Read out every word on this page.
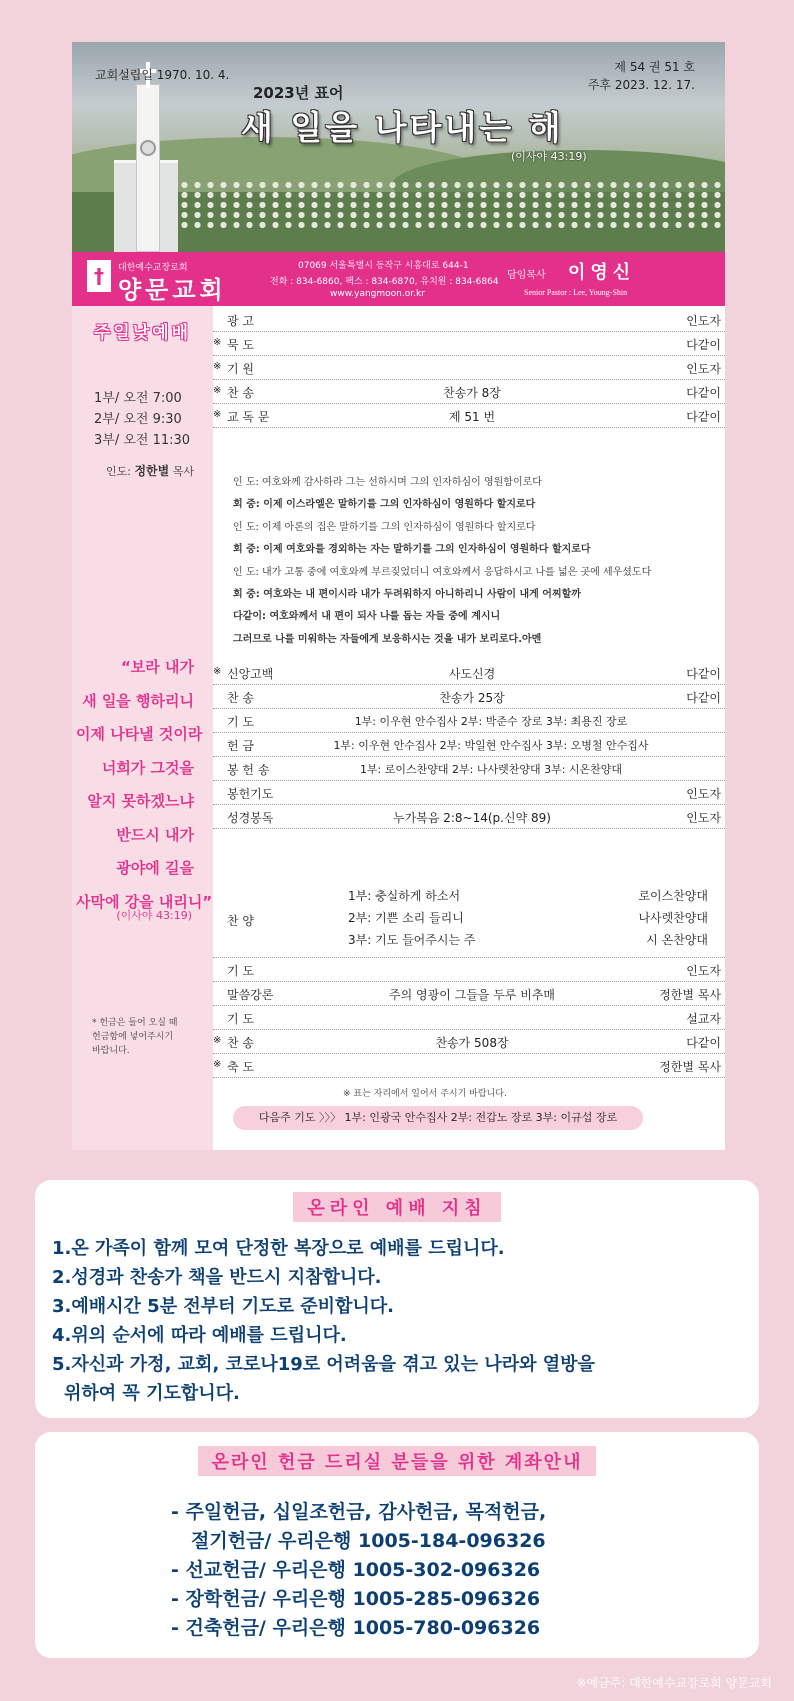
교회설립일 1970. 10. 4.
제 54 권 51 호
주후 2023. 12. 17.
2023년 표어
새 일을 나타내는 해
(이사야 43:19)
†	대한예수교장로회
양문교회
07069 서울특별시 동작구 시흥대로 644-1
전화 : 834-6860, 팩스 : 834-6870, 유치원 : 834-6864
www.yangmoon.or.kr
담임목사 이영신
Senior Pastor : Lee, Young-Shin
주일낮예배
1부/ 오전 7:00
2부/ 오전 9:30
3부/ 오전 11:30
인도: 정한별 목사
“보라 내가
새 일을 행하리니
이제 나타낼 것이라
너희가 그것을
알지 못하겠느냐
반드시 내가
광야에 길을
사막에 강을 내리니”
(이사야 43:19)
* 헌금은 들어 오실 때
헌금함에 넣어주시기
바랍니다.
광 고	인도자
※ 묵 도	다같이
※ 기 원	인도자
※ 찬 송	찬송가 8장	다같이
※ 교 독 문	제 51 번	다같이
인 도: 여호와께 감사하라 그는 선하시며 그의 인자하심이 영원함이로다
회 중: 이제 이스라엘은 말하기를 그의 인자하심이 영원하다 할지로다
인 도: 이제 아론의 집은 말하기를 그의 인자하심이 영원하다 할지로다
회 중: 이제 여호와를 경외하는 자는 말하기를 그의 인자하심이 영원하다 할지로다
인 도: 내가 고통 중에 여호와께 부르짖었더니 여호와께서 응답하시고 나를 넓은 곳에 세우셨도다
회 중: 여호와는 내 편이시라 내가 두려워하지 아니하리니 사람이 내게 어찌할까
다같이: 여호와께서 내 편이 되사 나를 돕는 자들 중에 계시니
그러므로 나를 미워하는 자들에게 보응하시는 것을 내가 보리로다.아멘
※ 신앙고백	사도신경	다같이
찬 송	찬송가 25장	다같이
기 도	1부: 이우현 안수집사 2부: 박준수 장로 3부: 최용진 장로
헌 금	1부: 이우현 안수집사 2부: 박일현 안수집사 3부: 오병철 안수집사
봉 헌 송	1부: 로이스찬양대 2부: 나사렛찬양대 3부: 시온찬양대
봉헌기도	인도자
성경봉독	누가복음 2:8~14(p.신약 89)	인도자
찬 양
1부: 충실하게 하소서	로이스찬양대
2부: 기쁜 소리 들리니	나사렛찬양대
3부: 기도 들어주시는 주	시 온찬양대
기 도	인도자
말씀강론	주의 영광이 그들을 두루 비추매	정한별 목사
기 도	설교자
※ 찬 송	찬송가 508장	다같이
※ 축 도	정한별 목사
※ 표는 자리에서 일어서 주시기 바랍니다.
다음주 기도 〉〉〉 1부: 인광국 안수집사 2부: 전갑노 장로 3부: 이규섭 장로
온라인 예배 지침
1.온 가족이 함께 모여 단정한 복장으로 예배를 드립니다.
2.성경과 찬송가 책을 반드시 지참합니다.
3.예배시간 5분 전부터 기도로 준비합니다.
4.위의 순서에 따라 예배를 드립니다.
5.자신과 가정, 교회, 코로나19로 어려움을 겪고 있는 나라와 열방을
위하여 꼭 기도합니다.
온라인 헌금 드리실 분들을 위한 계좌안내
- 주일헌금, 십일조헌금, 감사헌금, 목적헌금,
절기헌금/ 우리은행 1005-184-096326
- 선교헌금/ 우리은행 1005-302-096326
- 장학헌금/ 우리은행 1005-285-096326
- 건축헌금/ 우리은행 1005-780-096326
※예금주: 대한예수교장로회 양문교회
